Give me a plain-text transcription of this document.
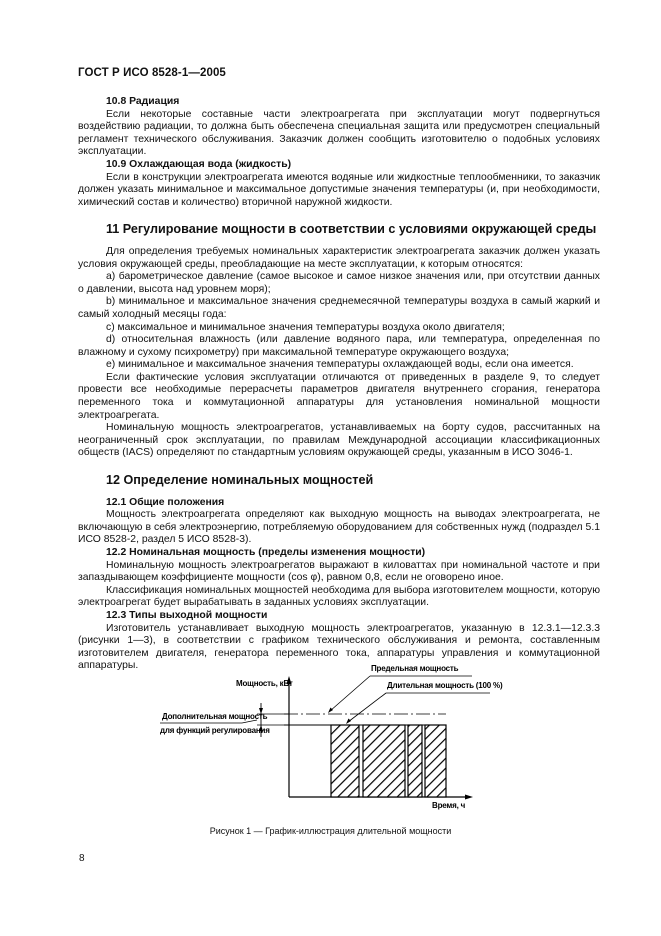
ГОСТ Р ИСО 8528-1—2005

10.8 Радиация

Если некоторые составные части электроагрегата при эксплуатации могут подвергнуться воздействию радиации, то должна быть обеспечена специальная защита или предусмотрен специальный регламент технического обслуживания. Заказчик должен сообщить изготовителю о подобных условиях эксплуатации.

10.9 Охлаждающая вода (жидкость)

Если в конструкции электроагрегата имеются водяные или жидкостные теплообменники, то заказчик должен указать минимальное и максимальное допустимые значения температуры (и, при необходимости, химический состав и количество) вторичной наружной жидкости.

11 Регулирование мощности в соответствии с условиями окружающей среды

Для определения требуемых номинальных характеристик электроагрегата заказчик должен указать условия окружающей среды, преобладающие на месте эксплуатации, к которым относятся:

a) барометрическое давление (самое высокое и самое низкое значения или, при отсутствии данных о давлении, высота над уровнем моря);

b) минимальное и максимальное значения среднемесячной температуры воздуха в самый жаркий и самый холодный месяцы года:

c) максимальное и минимальное значения температуры воздуха около двигателя;

d) относительная влажность (или давление водяного пара, или температура, определенная по влажному и сухому психрометру) при максимальной температуре окружающего воздуха;

e) минимальное и максимальное значения температуры охлаждающей воды, если она имеется.

Если фактические условия эксплуатации отличаются от приведенных в разделе 9, то следует провести все необходимые перерасчеты параметров двигателя внутреннего сгорания, генератора переменного тока и коммутационной аппаратуры для установления номинальной мощности электроагрегата.

Номинальную мощность электроагрегатов, устанавливаемых на борту судов, рассчитанных на неограниченный срок эксплуатации, по правилам Международной ассоциации классификационных обществ (IACS) определяют по стандартным условиям окружающей среды, указанным в ИСО 3046-1.

12 Определение номинальных мощностей

12.1 Общие положения

Мощность электроагрегата определяют как выходную мощность на выводах электроагрегата, не включающую в себя электроэнергию, потребляемую оборудованием для собственных нужд (подраздел 5.1 ИСО 8528-2, раздел 5 ИСО 8528-3).

12.2 Номинальная мощность (пределы изменения мощности)

Номинальную мощность электроагрегатов выражают в киловаттах при номинальной частоте и при запаздывающем коэффициенте мощности (cos φ), равном 0,8, если не оговорено иное.

Классификация номинальных мощностей необходима для выбора изготовителем мощности, которую электроагрегат будет вырабатывать в заданных условиях эксплуатации.

12.3 Типы выходной мощности

Изготовитель устанавливает выходную мощность электроагрегатов, указанную в 12.3.1—12.3.3 (рисунки 1—3), в соответствии с графиком технического обслуживания и ремонта, составленным изготовителем двигателя, генератора переменного тока, аппаратуры управления и коммутационной аппаратуры.

Мощность, кВт
Предельная мощность
Длительная мощность (100 %)
Дополнительная мощность
для функций регулирования
Время, ч
Рисунок 1 — График-иллюстрация длительной мощности
8
